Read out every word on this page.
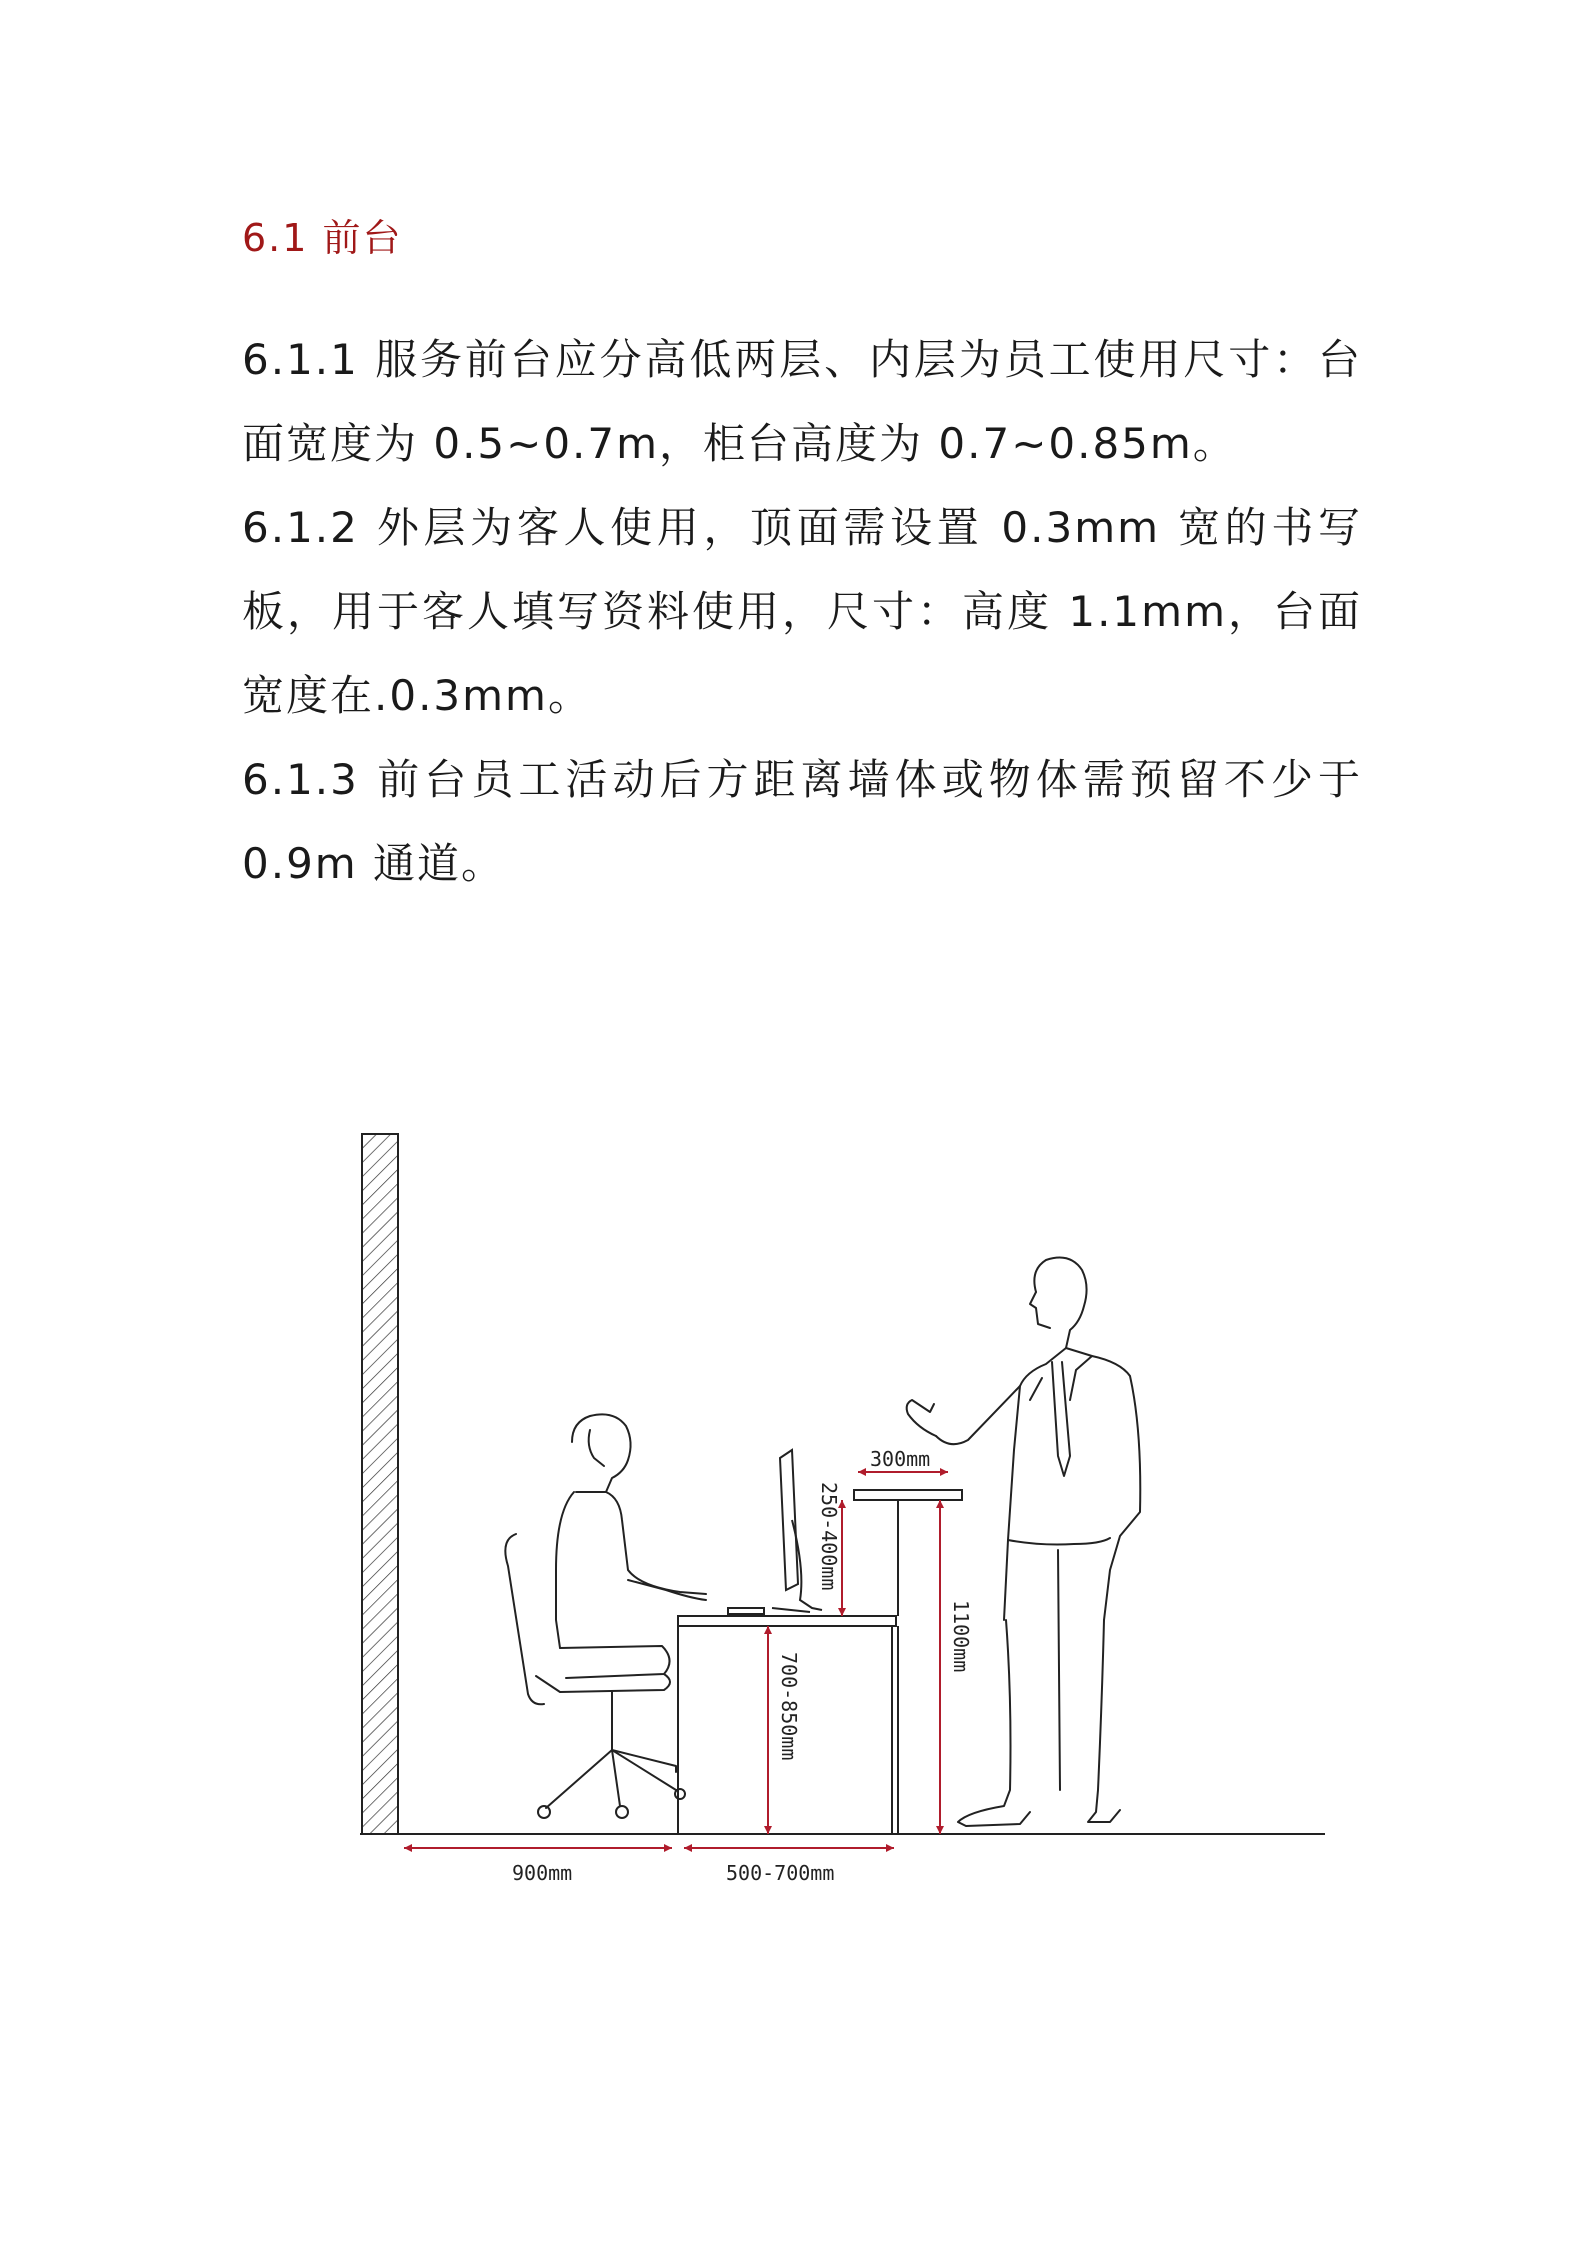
6.1 前台

6.1.1 服务前台应分高低两层、内层为员工使用尺寸：台面宽度为 0.5~0.7m，柜台高度为 0.7~0.85m。

6.1.2 外层为客人使用，顶面需设置 0.3mm 宽的书写板，用于客人填写资料使用，尺寸：高度 1.1mm，台面宽度在.0.3mm。

6.1.3 前台员工活动后方距离墙体或物体需预留不少于 0.9m 通道。

300mm
250-400mm
700-850mm
1100mm
900mm	500-700mm
